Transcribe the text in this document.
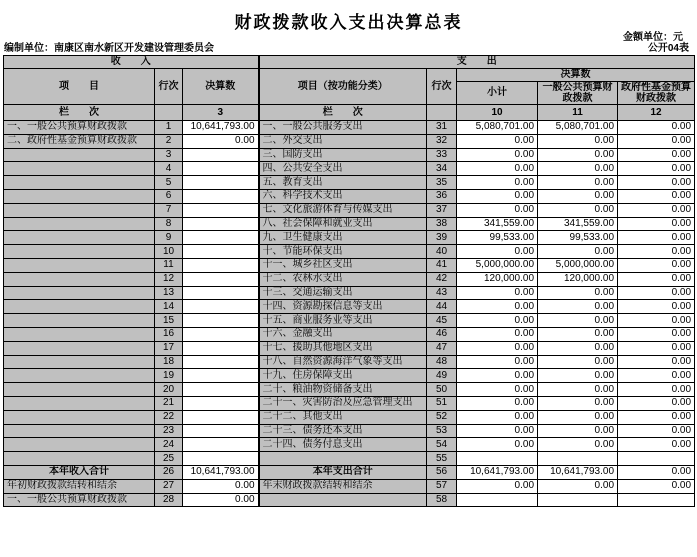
财政拨款收入支出决算总表
金额单位：元
编制单位：南康区南水新区开发建设管理委员会	公开04表
收　　入			支　　出				
项　　目	行次	决算数	项目（按功能分类）	行次	决算数		
					小计	一般公共预算财政拨款	政府性基金预算财政拨款
栏　　次		3	栏　　次		10	11	12
一、一般公共预算财政拨款	1	10,641,793.00	一、一般公共服务支出	31	5,080,701.00	5,080,701.00	0.00
二、政府性基金预算财政拨款	2	0.00	二、外交支出	32	0.00	0.00	0.00
	3		三、国防支出	33	0.00	0.00	0.00
	4		四、公共安全支出	34	0.00	0.00	0.00
	5		五、教育支出	35	0.00	0.00	0.00
	6		六、科学技术支出	36	0.00	0.00	0.00
	7		七、文化旅游体育与传媒支出	37	0.00	0.00	0.00
	8		八、社会保障和就业支出	38	341,559.00	341,559.00	0.00
	9		九、卫生健康支出	39	99,533.00	99,533.00	0.00
	10		十、节能环保支出	40	0.00	0.00	0.00
	11		十一、城乡社区支出	41	5,000,000.00	5,000,000.00	0.00
	12		十二、农林水支出	42	120,000.00	120,000.00	0.00
	13		十三、交通运输支出	43	0.00	0.00	0.00
	14		十四、资源勘探信息等支出	44	0.00	0.00	0.00
	15		十五、商业服务业等支出	45	0.00	0.00	0.00
	16		十六、金融支出	46	0.00	0.00	0.00
	17		十七、援助其他地区支出	47	0.00	0.00	0.00
	18		十八、自然资源海洋气象等支出	48	0.00	0.00	0.00
	19		十九、住房保障支出	49	0.00	0.00	0.00
	20		二十、粮油物资储备支出	50	0.00	0.00	0.00
	21		二十一、灾害防治及应急管理支出	51	0.00	0.00	0.00
	22		二十二、其他支出	52	0.00	0.00	0.00
	23		二十三、债务还本支出	53	0.00	0.00	0.00
	24		二十四、债务付息支出	54	0.00	0.00	0.00
	25			55			
本年收入合计	26	10,641,793.00	本年支出合计	56	10,641,793.00	10,641,793.00	0.00
年初财政拨款结转和结余	27	0.00	年末财政拨款结转和结余	57	0.00	0.00	0.00
一、一般公共预算财政拨款	28	0.00		58			
